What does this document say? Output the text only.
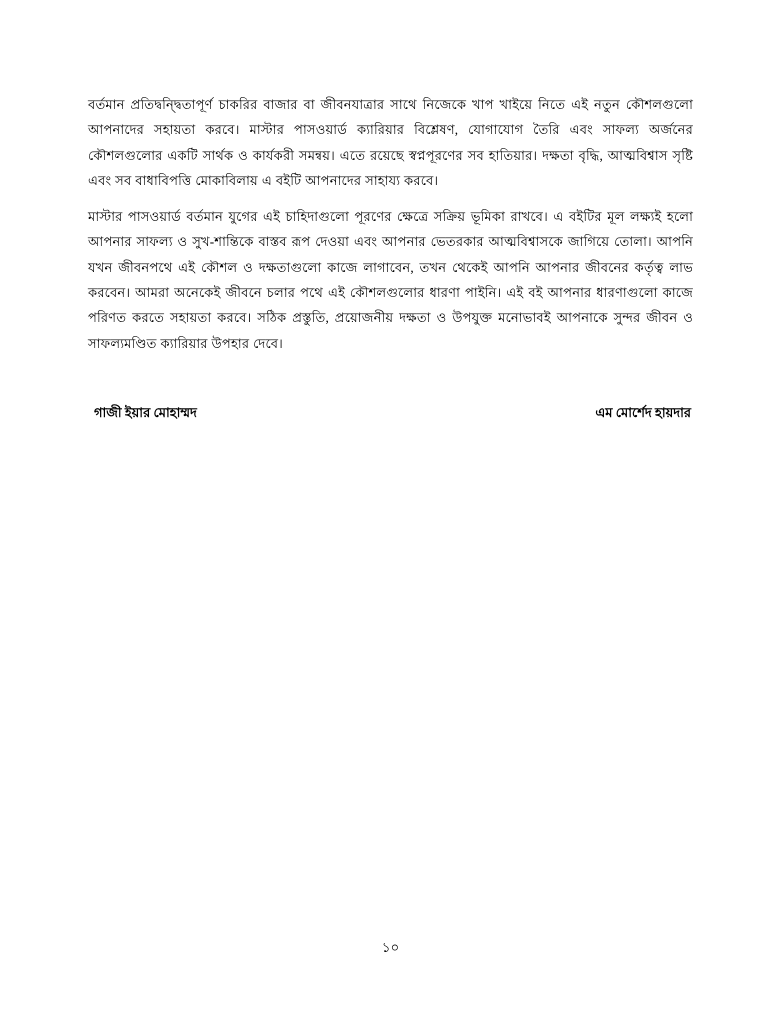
বর্তমান প্রতিদ্বন্দ্বিতাপূর্ণ চাকরির বাজার বা জীবনযাত্রার সাথে নিজেকে খাপ খাইয়ে নিতে এই নতুন কৌশলগুলো আপনাদের সহায়তা করবে। মাস্টার পাসওয়ার্ড ক্যারিয়ার বিশ্লেষণ, যোগাযোগ তৈরি এবং সাফল্য অর্জনের কৌশলগুলোর একটি সার্থক ও কার্যকরী সমন্বয়। এতে রয়েছে স্বপ্নপূরণের সব হাতিয়ার। দক্ষতা বৃদ্ধি, আত্মবিশ্বাস সৃষ্টি এবং সব বাধাবিপত্তি মোকাবিলায় এ বইটি আপনাদের সাহায্য করবে।

মাস্টার পাসওয়ার্ড বর্তমান যুগের এই চাহিদাগুলো পূরণের ক্ষেত্রে সক্রিয় ভূমিকা রাখবে। এ বইটির মূল লক্ষ্যই হলো আপনার সাফল্য ও সুখ-শান্তিকে বাস্তব রূপ দেওয়া এবং আপনার ভেতরকার আত্মবিশ্বাসকে জাগিয়ে তোলা। আপনি যখন জীবনপথে এই কৌশল ও দক্ষতাগুলো কাজে লাগাবেন, তখন থেকেই আপনি আপনার জীবনের কর্তৃত্ব লাভ করবেন। আমরা অনেকেই জীবনে চলার পথে এই কৌশলগুলোর ধারণা পাইনি। এই বই আপনার ধারণাগুলো কাজে পরিণত করতে সহায়তা করবে। সঠিক প্রস্তুতি, প্রয়োজনীয় দক্ষতা ও উপযুক্ত মনোভাবই আপনাকে সুন্দর জীবন ও সাফল্যমণ্ডিত ক্যারিয়ার উপহার দেবে।

গাজী ইয়ার মোহাম্মদ	এম মোর্শেদ হায়দার
১০
